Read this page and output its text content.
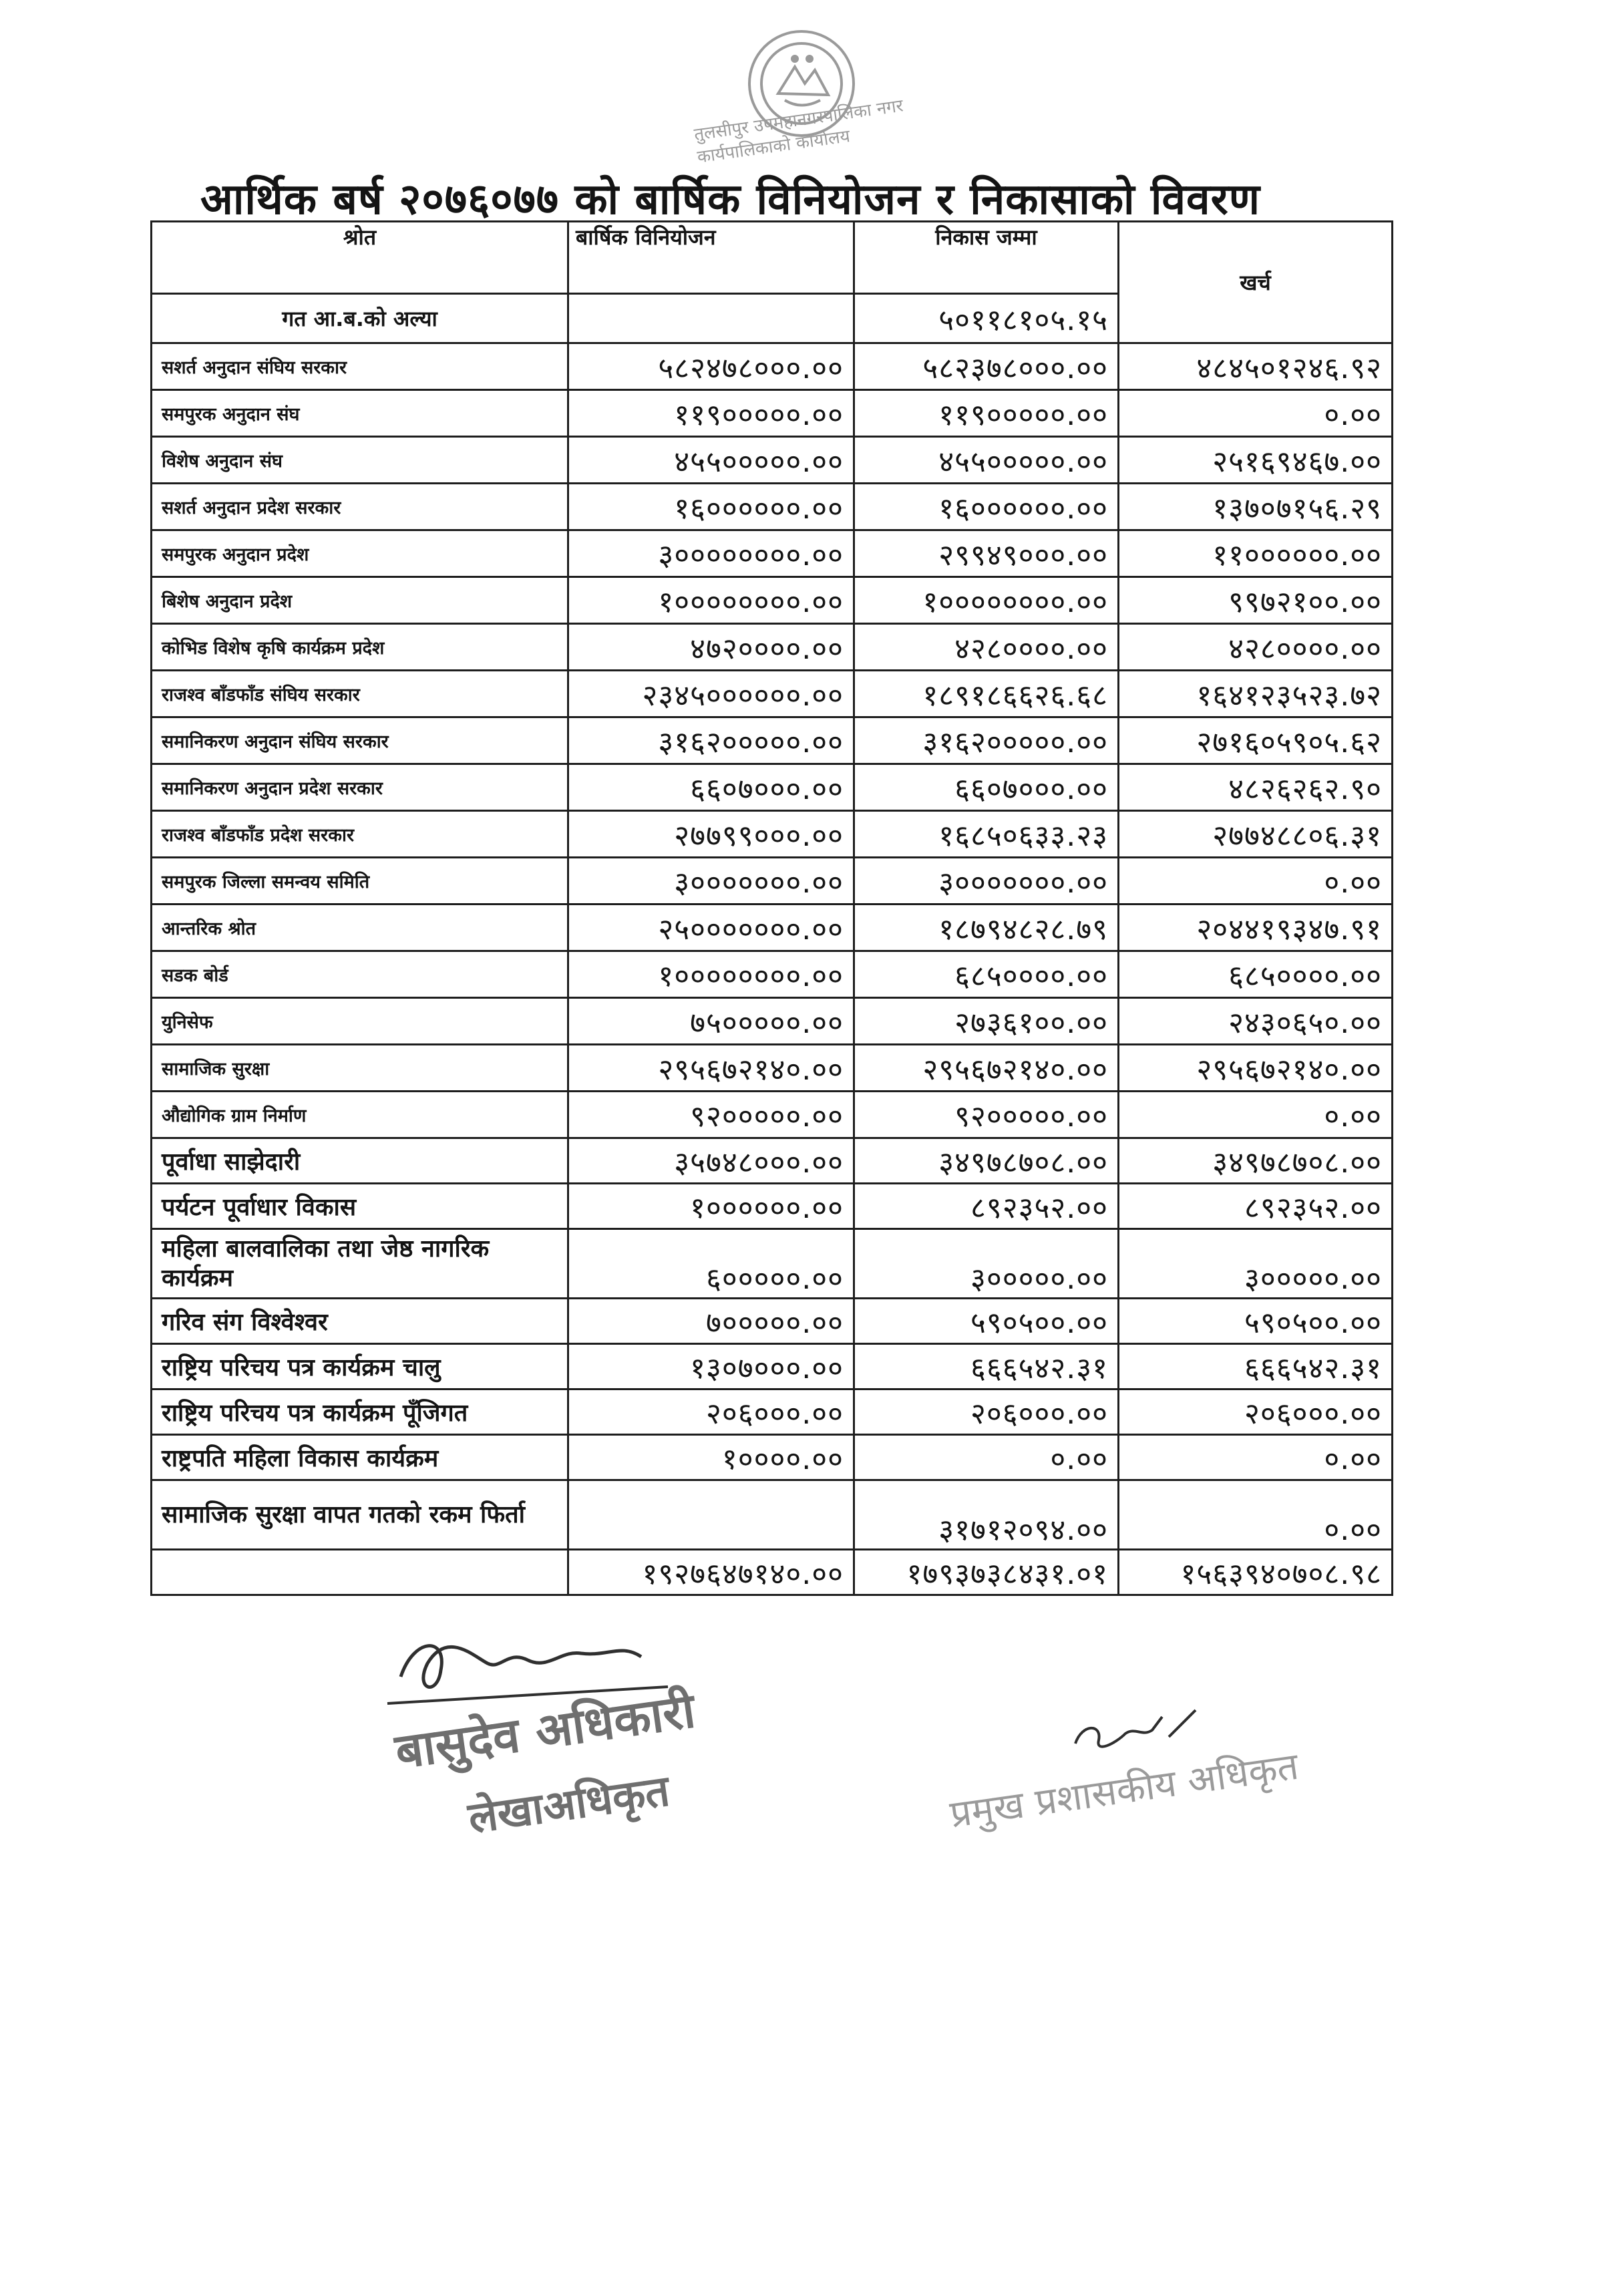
तुलसीपुर उपमहानगरपालिका नगर कार्यपालिकाको कार्यालय
आर्थिक बर्ष २०७६०७७ को बार्षिक विनियोजन र निकासाको विवरण
श्रोत	बार्षिक विनियोजन	निकास जम्मा	खर्च
गत आ.ब.को अल्या		५०११८१०५.१५	
सशर्त अनुदान संघिय सरकार	५८२४७८०००.००	५८२३७८०००.००	४८४५०१२४६.९२
समपुरक अनुदान संघ	११९०००००.००	११९०००००.००	०.००
विशेष अनुदान संघ	४५५०००००.००	४५५०००००.००	२५१६९४६७.००
सशर्त अनुदान प्रदेश सरकार	१६००००००.००	१६००००००.००	१३७०७१५६.२९
समपुरक अनुदान प्रदेश	३००००००००.००	२९९४९०००.००	११००००००.००
बिशेष अनुदान प्रदेश	१००००००००.००	१००००००००.००	९९७२१००.००
कोभिड विशेष कृषि कार्यक्रम प्रदेश	४७२००००.००	४२८००००.००	४२८००००.००
राजश्व बाँडफाँड संघिय सरकार	२३४५००००००.००	१८९१८६६२६.६८	१६४१२३५२३.७२
समानिकरण अनुदान संघिय सरकार	३१६२०००००.००	३१६२०००००.००	२७१६०५९०५.६२
समानिकरण अनुदान प्रदेश सरकार	६६०७०००.००	६६०७०००.००	४८२६२६२.९०
राजश्व बाँडफाँड प्रदेश सरकार	२७७९९०००.००	१६८५०६३३.२३	२७७४८८०६.३१
समपुरक जिल्ला समन्वय समिति	३०००००००.००	३०००००००.००	०.००
आन्तरिक श्रोत	२५०००००००.००	१८७९४८२८.७९	२०४४१९३४७.९१
सडक बोर्ड	१००००००००.००	६८५००००.००	६८५००००.००
युनिसेफ	७५०००००.००	२७३६१००.००	२४३०६५०.००
सामाजिक सुरक्षा	२९५६७२१४०.००	२९५६७२१४०.००	२९५६७२१४०.००
औद्योगिक ग्राम निर्माण	९२०००००.००	९२०००००.००	०.००
पूर्वाधा साझेदारी	३५७४८०००.००	३४९७८७०८.००	३४९७८७०८.००
पर्यटन पूर्वाधार विकास	१००००००.००	८९२३५२.००	८९२३५२.००
महिला बालवालिका तथा जेष्ठ नागरिक कार्यक्रम	६०००००.००	३०००००.००	३०००००.००
गरिव संग विश्वेश्वर	७०००००.००	५९०५००.००	५९०५००.००
राष्ट्रिय परिचय पत्र कार्यक्रम चालु	१३०७०००.००	६६६५४२.३१	६६६५४२.३१
राष्ट्रिय परिचय पत्र कार्यक्रम पूँजिगत	२०६०००.००	२०६०००.००	२०६०००.००
राष्ट्रपति महिला विकास कार्यक्रम	१००००.००	०.००	०.००
सामाजिक सुरक्षा वापत गतको रकम फिर्ता		३१७१२०९४.००	०.००
	१९२७६४७१४०.००	१७९३७३८४३१.०१	१५६३९४०७०८.९८
बासुदेव अधिकारी
लेखाअधिकृत	प्रमुख प्रशासकीय अधिकृत
